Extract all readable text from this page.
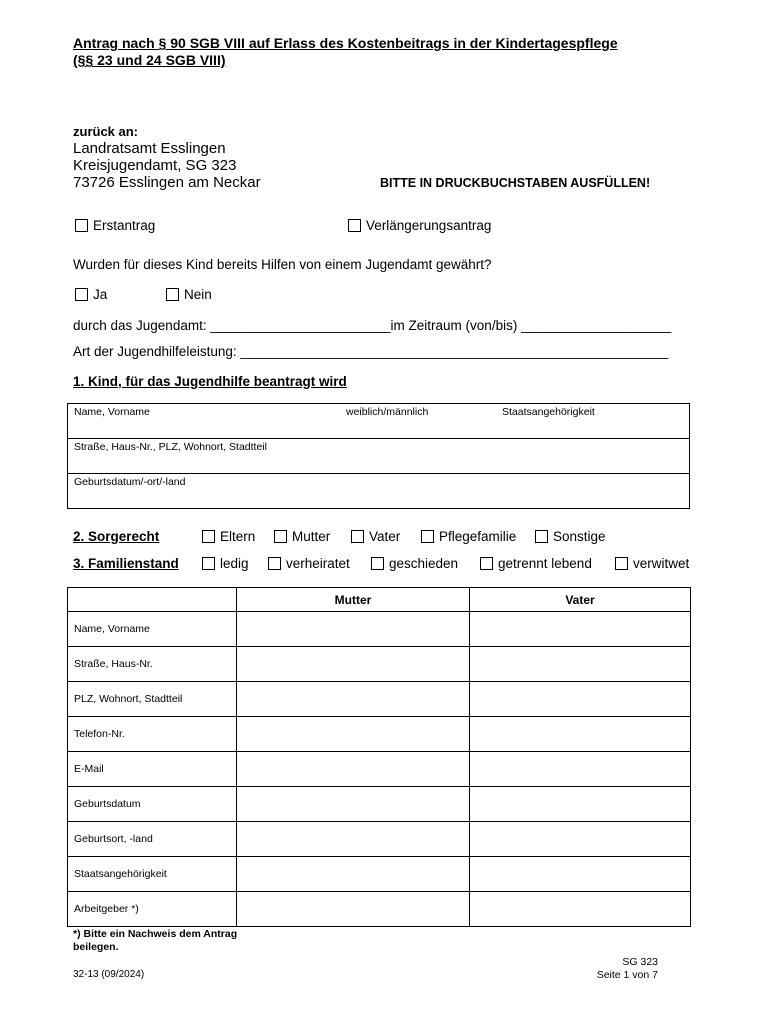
Antrag nach § 90 SGB VIII auf Erlass des Kostenbeitrags in der Kindertagespflege
(§§ 23 und 24 SGB VIII)
zurück an:
Landratsamt Esslingen
Kreisjugendamt, SG 323
73726 Esslingen am Neckar	BITTE IN DRUCKBUCHSTABEN AUSFÜLLEN!
Erstantrag	Verlängerungsantrag
Wurden für dieses Kind bereits Hilfen von einem Jugendamt gewährt?
Ja	Nein
durch das Jugendamt: ________________________im Zeitraum (von/bis) ____________________
Art der Jugendhilfeleistung: _________________________________________________________
1. Kind, für das Jugendhilfe beantragt wird
Name, Vorname	weiblich/männlich	Staatsangehörigkeit

Straße, Haus-Nr., PLZ, Wohnort, Stadtteil

Geburtsdatum/-ort/-land
2. Sorgerecht	Eltern	Mutter	Vater	Pflegefamilie	Sonstige
3. Familienstand	ledig	verheiratet	geschieden	getrennt lebend	verwitwet
	Mutter	Vater
Name, Vorname		
Straße, Haus-Nr.		
PLZ, Wohnort, Stadtteil		
Telefon-Nr.		
E-Mail		
Geburtsdatum		
Geburtsort, -land		
Staatsangehörigkeit		
Arbeitgeber *)		
*) Bitte ein Nachweis dem Antrag beilegen.
32-13 (09/2024)
SG 323
Seite 1 von 7
